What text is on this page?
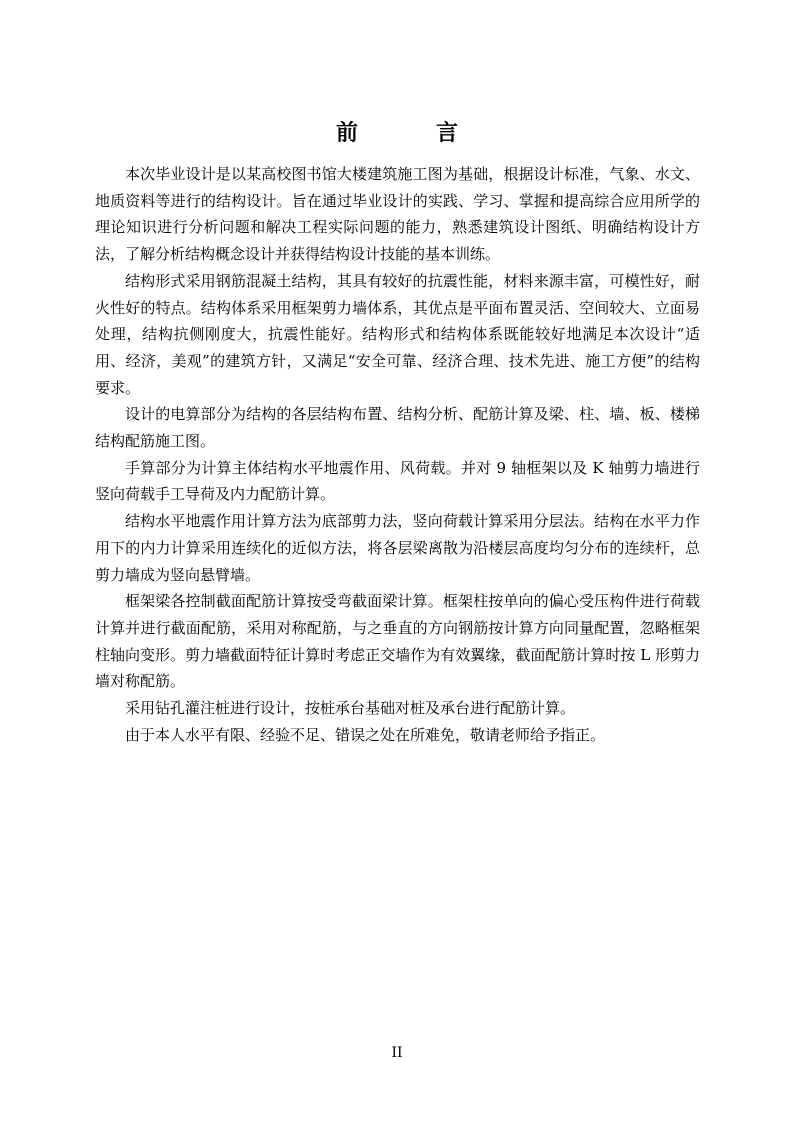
前　言

本次毕业设计是以某高校图书馆大楼建筑施工图为基础，根据设计标准，气象、水文、地质资料等进行的结构设计。旨在通过毕业设计的实践、学习、掌握和提高综合应用所学的理论知识进行分析问题和解决工程实际问题的能力，熟悉建筑设计图纸、明确结构设计方法，了解分析结构概念设计并获得结构设计技能的基本训练。

结构形式采用钢筋混凝土结构，其具有较好的抗震性能，材料来源丰富，可模性好，耐火性好的特点。结构体系采用框架剪力墙体系，其优点是平面布置灵活、空间较大、立面易处理，结构抗侧刚度大，抗震性能好。结构形式和结构体系既能较好地满足本次设计“适用、经济，美观”的建筑方针，又满足“安全可靠、经济合理、技术先进、施工方便”的结构要求。

设计的电算部分为结构的各层结构布置、结构分析、配筋计算及梁、柱、墙、板、楼梯结构配筋施工图。

手算部分为计算主体结构水平地震作用、风荷载。并对 9 轴框架以及 K 轴剪力墙进行竖向荷载手工导荷及内力配筋计算。

结构水平地震作用计算方法为底部剪力法，竖向荷载计算采用分层法。结构在水平力作用下的内力计算采用连续化的近似方法，将各层梁离散为沿楼层高度均匀分布的连续杆，总剪力墙成为竖向悬臂墙。

框架梁各控制截面配筋计算按受弯截面梁计算。框架柱按单向的偏心受压构件进行荷载计算并进行截面配筋，采用对称配筋，与之垂直的方向钢筋按计算方向同量配置，忽略框架柱轴向变形。剪力墙截面特征计算时考虑正交墙作为有效翼缘，截面配筋计算时按 L 形剪力墙对称配筋。

采用钻孔灌注桩进行设计，按桩承台基础对桩及承台进行配筋计算。

由于本人水平有限、经验不足、错误之处在所难免，敬请老师给予指正。

II
